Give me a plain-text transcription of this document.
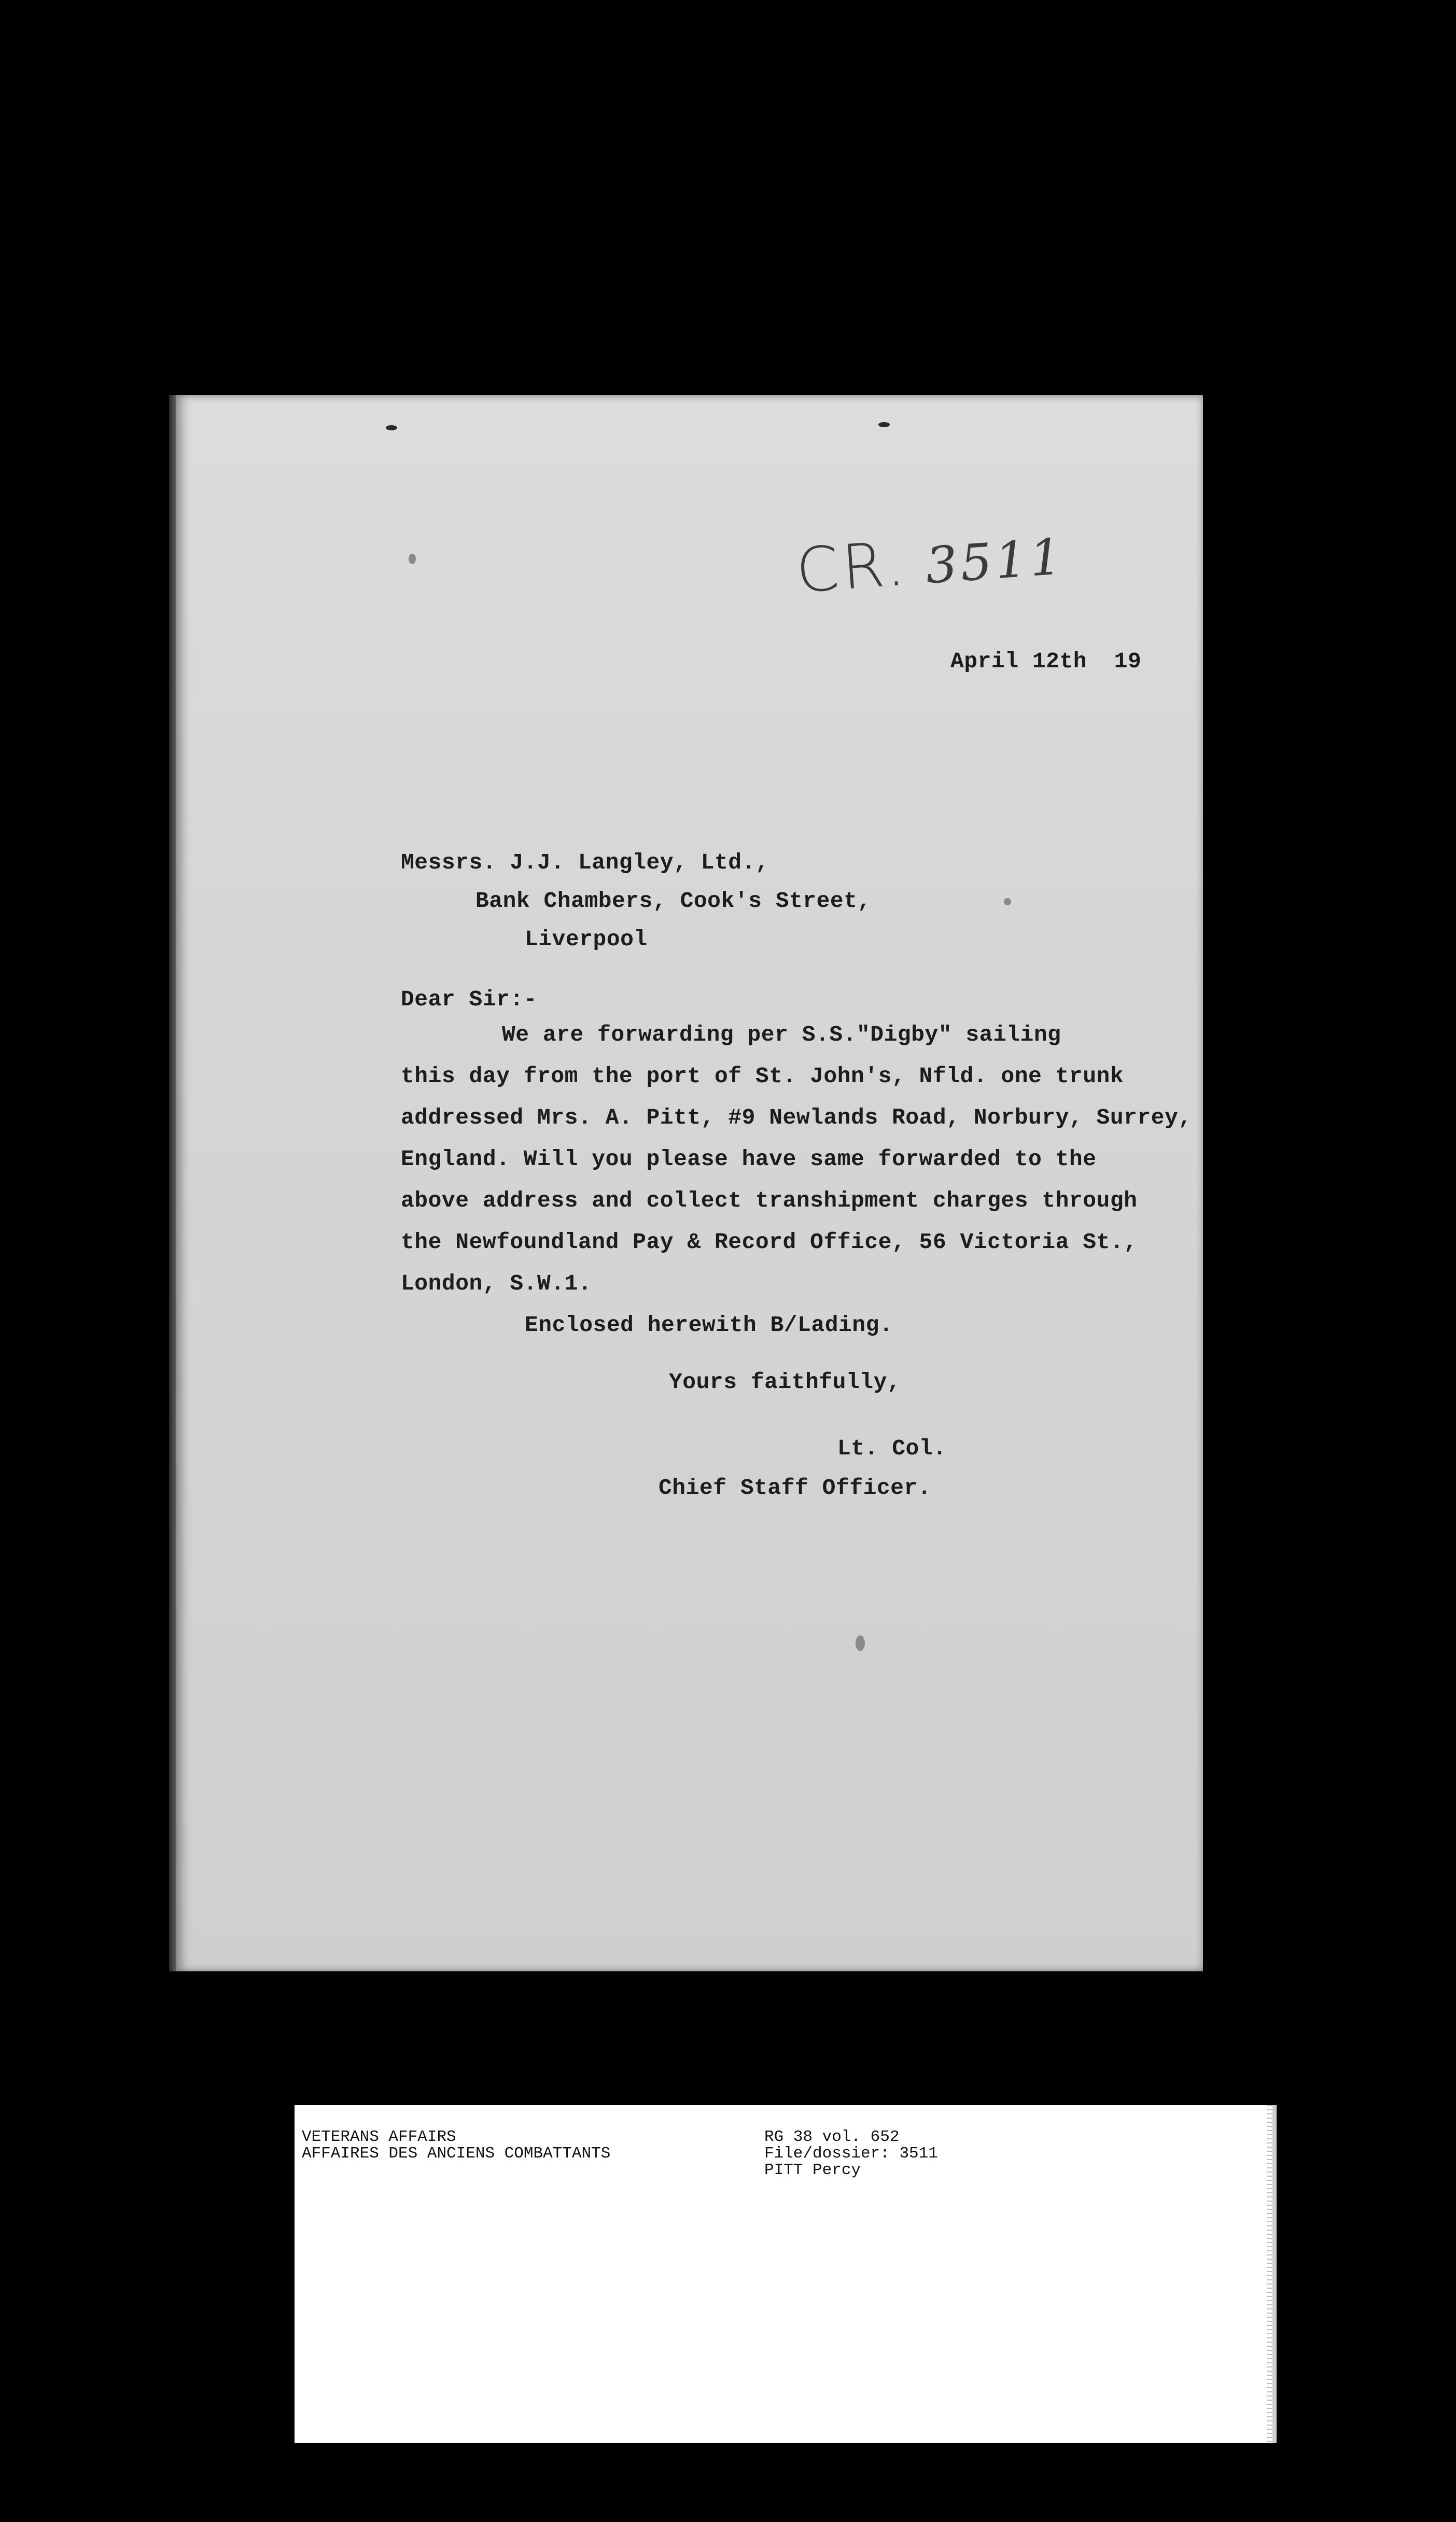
CR. 3511
April 12th  19
Messrs. J.J. Langley, Ltd.,
Bank Chambers, Cook's Street,
Liverpool
Dear Sir:-
We are forwarding per S.S."Digby" sailing
this day from the port of St. John's, Nfld. one trunk
addressed Mrs. A. Pitt, #9 Newlands Road, Norbury, Surrey,
England. Will you please have same forwarded to the
above address and collect transhipment charges through
the Newfoundland Pay & Record Office, 56 Victoria St.,
London, S.W.1.
Enclosed herewith B/Lading.
Yours faithfully,
Lt. Col.
Chief Staff Officer.
VETERANS AFFAIRS
AFFAIRES DES ANCIENS COMBATTANTS
RG 38 vol. 652
File/dossier: 3511
PITT Percy
